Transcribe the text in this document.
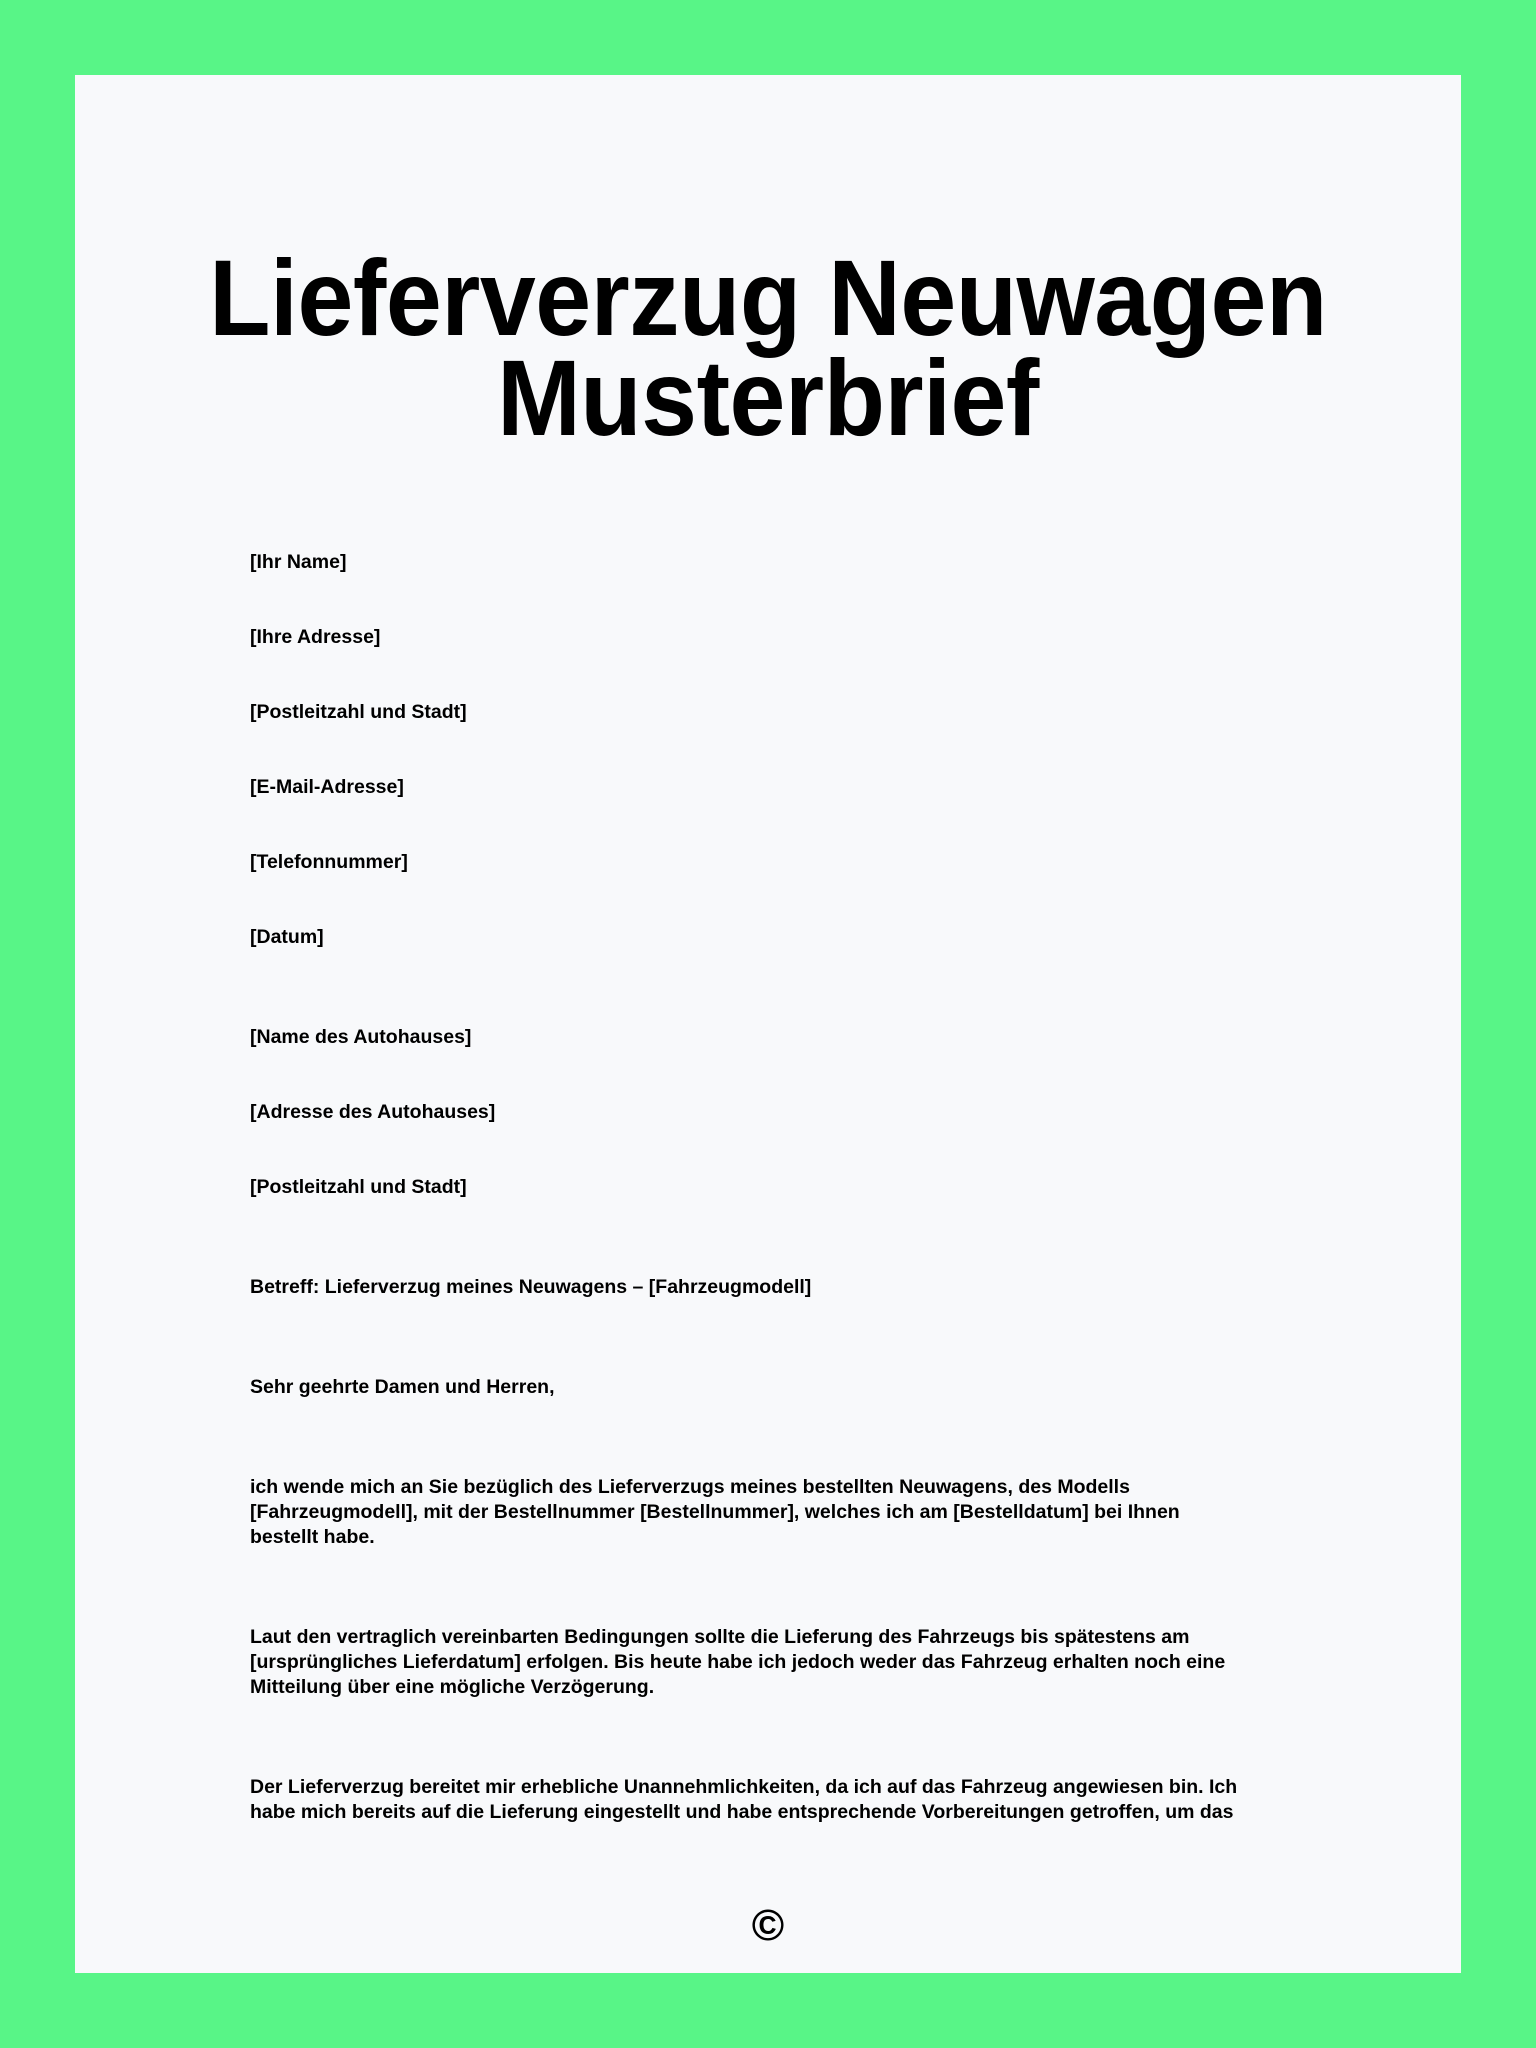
Lieferverzug Neuwagen
Musterbrief
[Ihr Name]
[Ihre Adresse]
[Postleitzahl und Stadt]
[E-Mail-Adresse]
[Telefonnummer]
[Datum]
[Name des Autohauses]
[Adresse des Autohauses]
[Postleitzahl und Stadt]
Betreff: Lieferverzug meines Neuwagens – [Fahrzeugmodell]
Sehr geehrte Damen und Herren,
ich wende mich an Sie bezüglich des Lieferverzugs meines bestellten Neuwagens, des Modells
[Fahrzeugmodell], mit der Bestellnummer [Bestellnummer], welches ich am [Bestelldatum] bei Ihnen
bestellt habe.
Laut den vertraglich vereinbarten Bedingungen sollte die Lieferung des Fahrzeugs bis spätestens am
[ursprüngliches Lieferdatum] erfolgen. Bis heute habe ich jedoch weder das Fahrzeug erhalten noch eine
Mitteilung über eine mögliche Verzögerung.
Der Lieferverzug bereitet mir erhebliche Unannehmlichkeiten, da ich auf das Fahrzeug angewiesen bin. Ich
habe mich bereits auf die Lieferung eingestellt und habe entsprechende Vorbereitungen getroffen, um das
©
